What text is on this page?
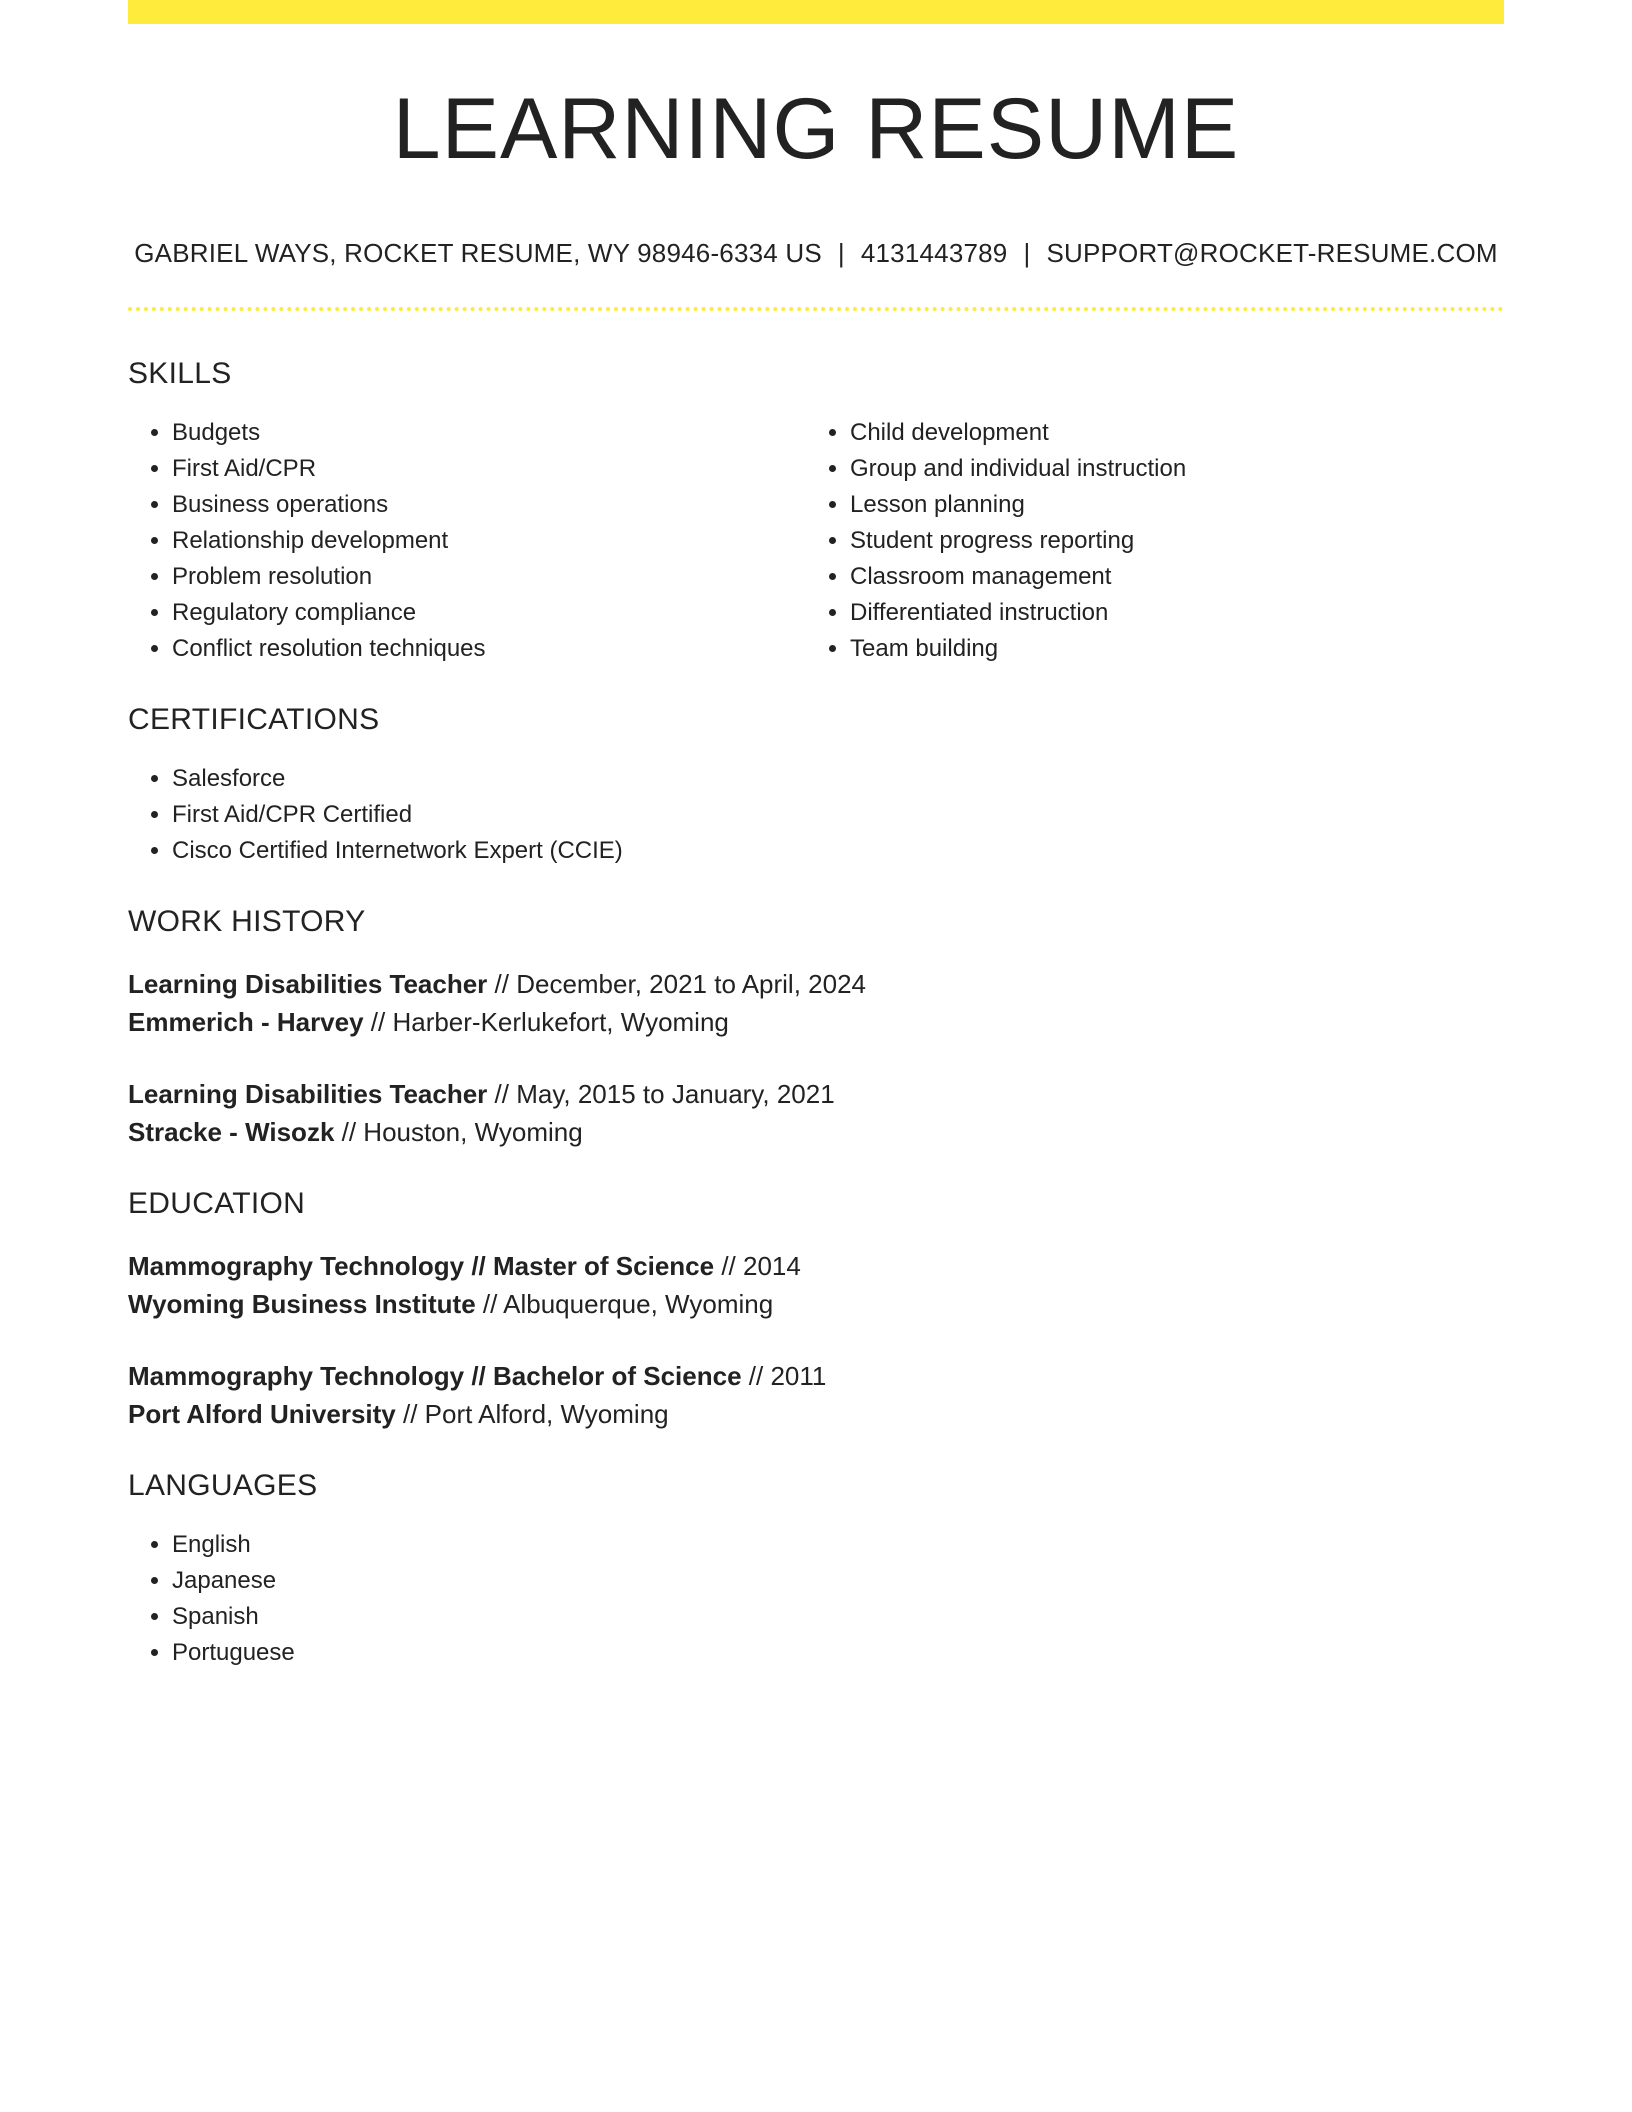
LEARNING RESUME
GABRIEL WAYS, ROCKET RESUME, WY 98946-6334 US | 4131443789 | SUPPORT@ROCKET-RESUME.COM
SKILLS
• Budgets
• First Aid/CPR
• Business operations
• Relationship development
• Problem resolution
• Regulatory compliance
• Conflict resolution techniques
• Child development
• Group and individual instruction
• Lesson planning
• Student progress reporting
• Classroom management
• Differentiated instruction
• Team building
CERTIFICATIONS
• Salesforce
• First Aid/CPR Certified
• Cisco Certified Internetwork Expert (CCIE)
WORK HISTORY
Learning Disabilities Teacher // December, 2021 to April, 2024
Emmerich - Harvey // Harber-Kerlukefort, Wyoming
Learning Disabilities Teacher // May, 2015 to January, 2021
Stracke - Wisozk // Houston, Wyoming
EDUCATION
Mammography Technology // Master of Science // 2014
Wyoming Business Institute // Albuquerque, Wyoming
Mammography Technology // Bachelor of Science // 2011
Port Alford University // Port Alford, Wyoming
LANGUAGES
• English
• Japanese
• Spanish
• Portuguese
